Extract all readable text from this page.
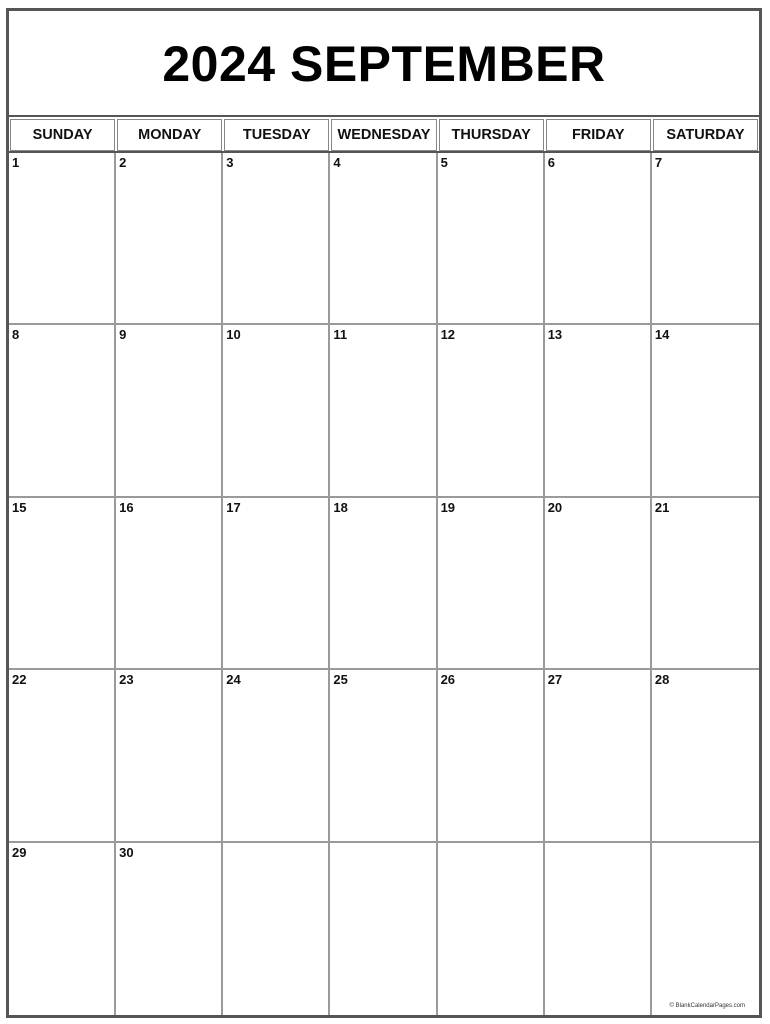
2024 SEPTEMBER
SUNDAY	MONDAY	TUESDAY	WEDNESDAY	THURSDAY	FRIDAY	SATURDAY
1	2	3	4	5	6	7
8	9	10	11	12	13	14
15	16	17	18	19	20	21
22	23	24	25	26	27	28
29	30
© BlankCalendarPages.com
